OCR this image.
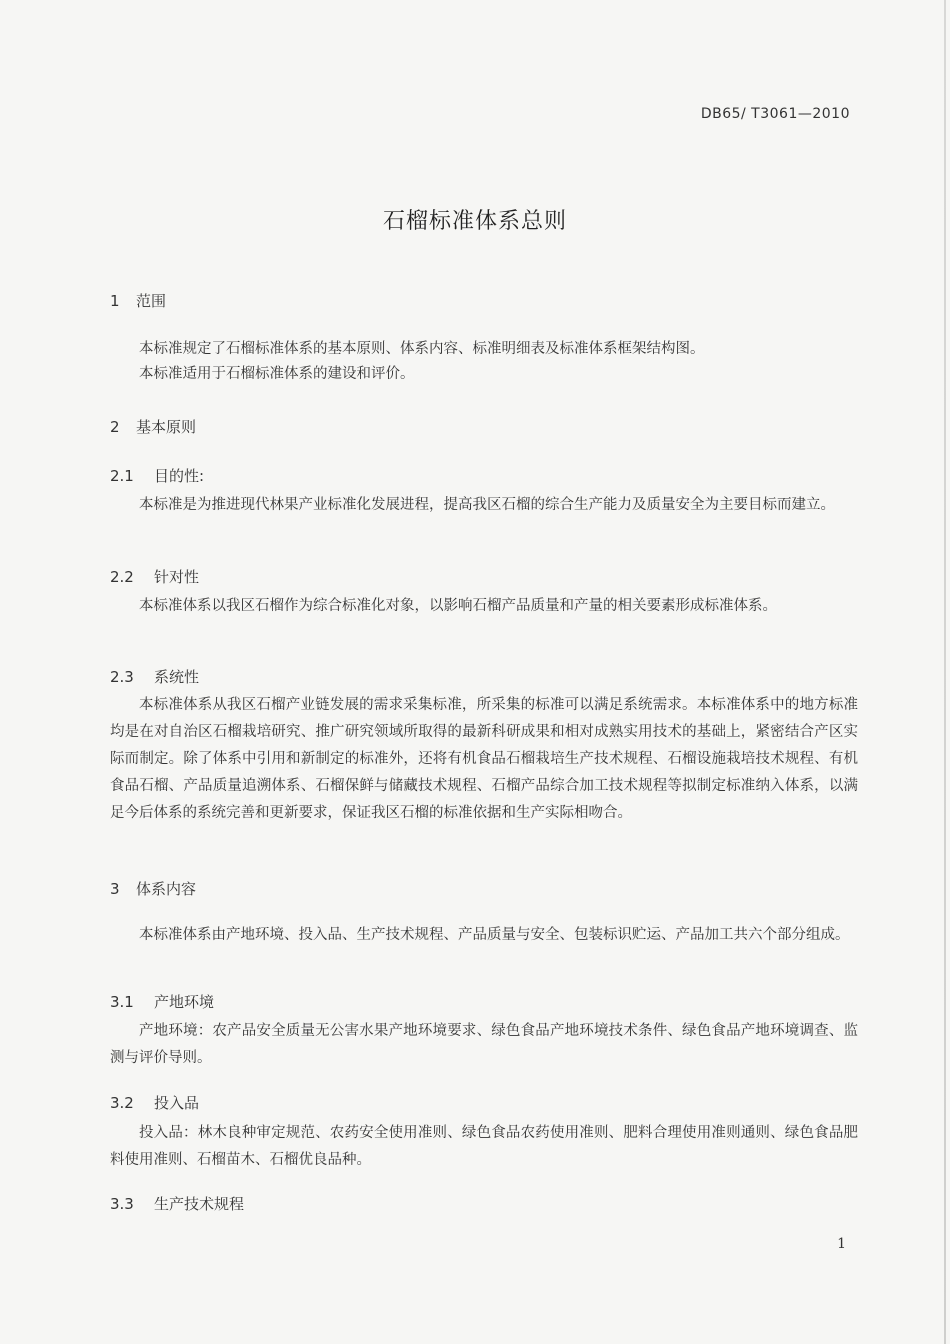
DB65/ T3061—2010
石榴标准体系总则
1 范围

本标准规定了石榴标准体系的基本原则、体系内容、标准明细表及标准体系框架结构图。

本标准适用于石榴标准体系的建设和评价。

2 基本原则
2.1 目的性:

本标准是为推进现代林果产业标准化发展进程，提高我区石榴的综合生产能力及质量安全为主要目标而建立。

2.2 针对性

本标准体系以我区石榴作为综合标准化对象，以影响石榴产品质量和产量的相关要素形成标准体系。

2.3 系统性

本标准体系从我区石榴产业链发展的需求采集标准，所采集的标准可以满足系统需求。本标准体系中的地方标准均是在对自治区石榴栽培研究、推广研究领域所取得的最新科研成果和相对成熟实用技术的基础上，紧密结合产区实际而制定。除了体系中引用和新制定的标准外，还将有机食品石榴栽培生产技术规程、石榴设施栽培技术规程、有机食品石榴、产品质量追溯体系、石榴保鲜与储藏技术规程、石榴产品综合加工技术规程等拟制定标准纳入体系，以满足今后体系的系统完善和更新要求，保证我区石榴的标准依据和生产实际相吻合。

3 体系内容

本标准体系由产地环境、投入品、生产技术规程、产品质量与安全、包装标识贮运、产品加工共六个部分组成。

3.1 产地环境

产地环境：农产品安全质量无公害水果产地环境要求、绿色食品产地环境技术条件、绿色食品产地环境调查、监测与评价导则。

3.2 投入品

投入品：林木良种审定规范、农药安全使用准则、绿色食品农药使用准则、肥料合理使用准则通则、绿色食品肥料使用准则、石榴苗木、石榴优良品种。

3.3 生产技术规程
1
